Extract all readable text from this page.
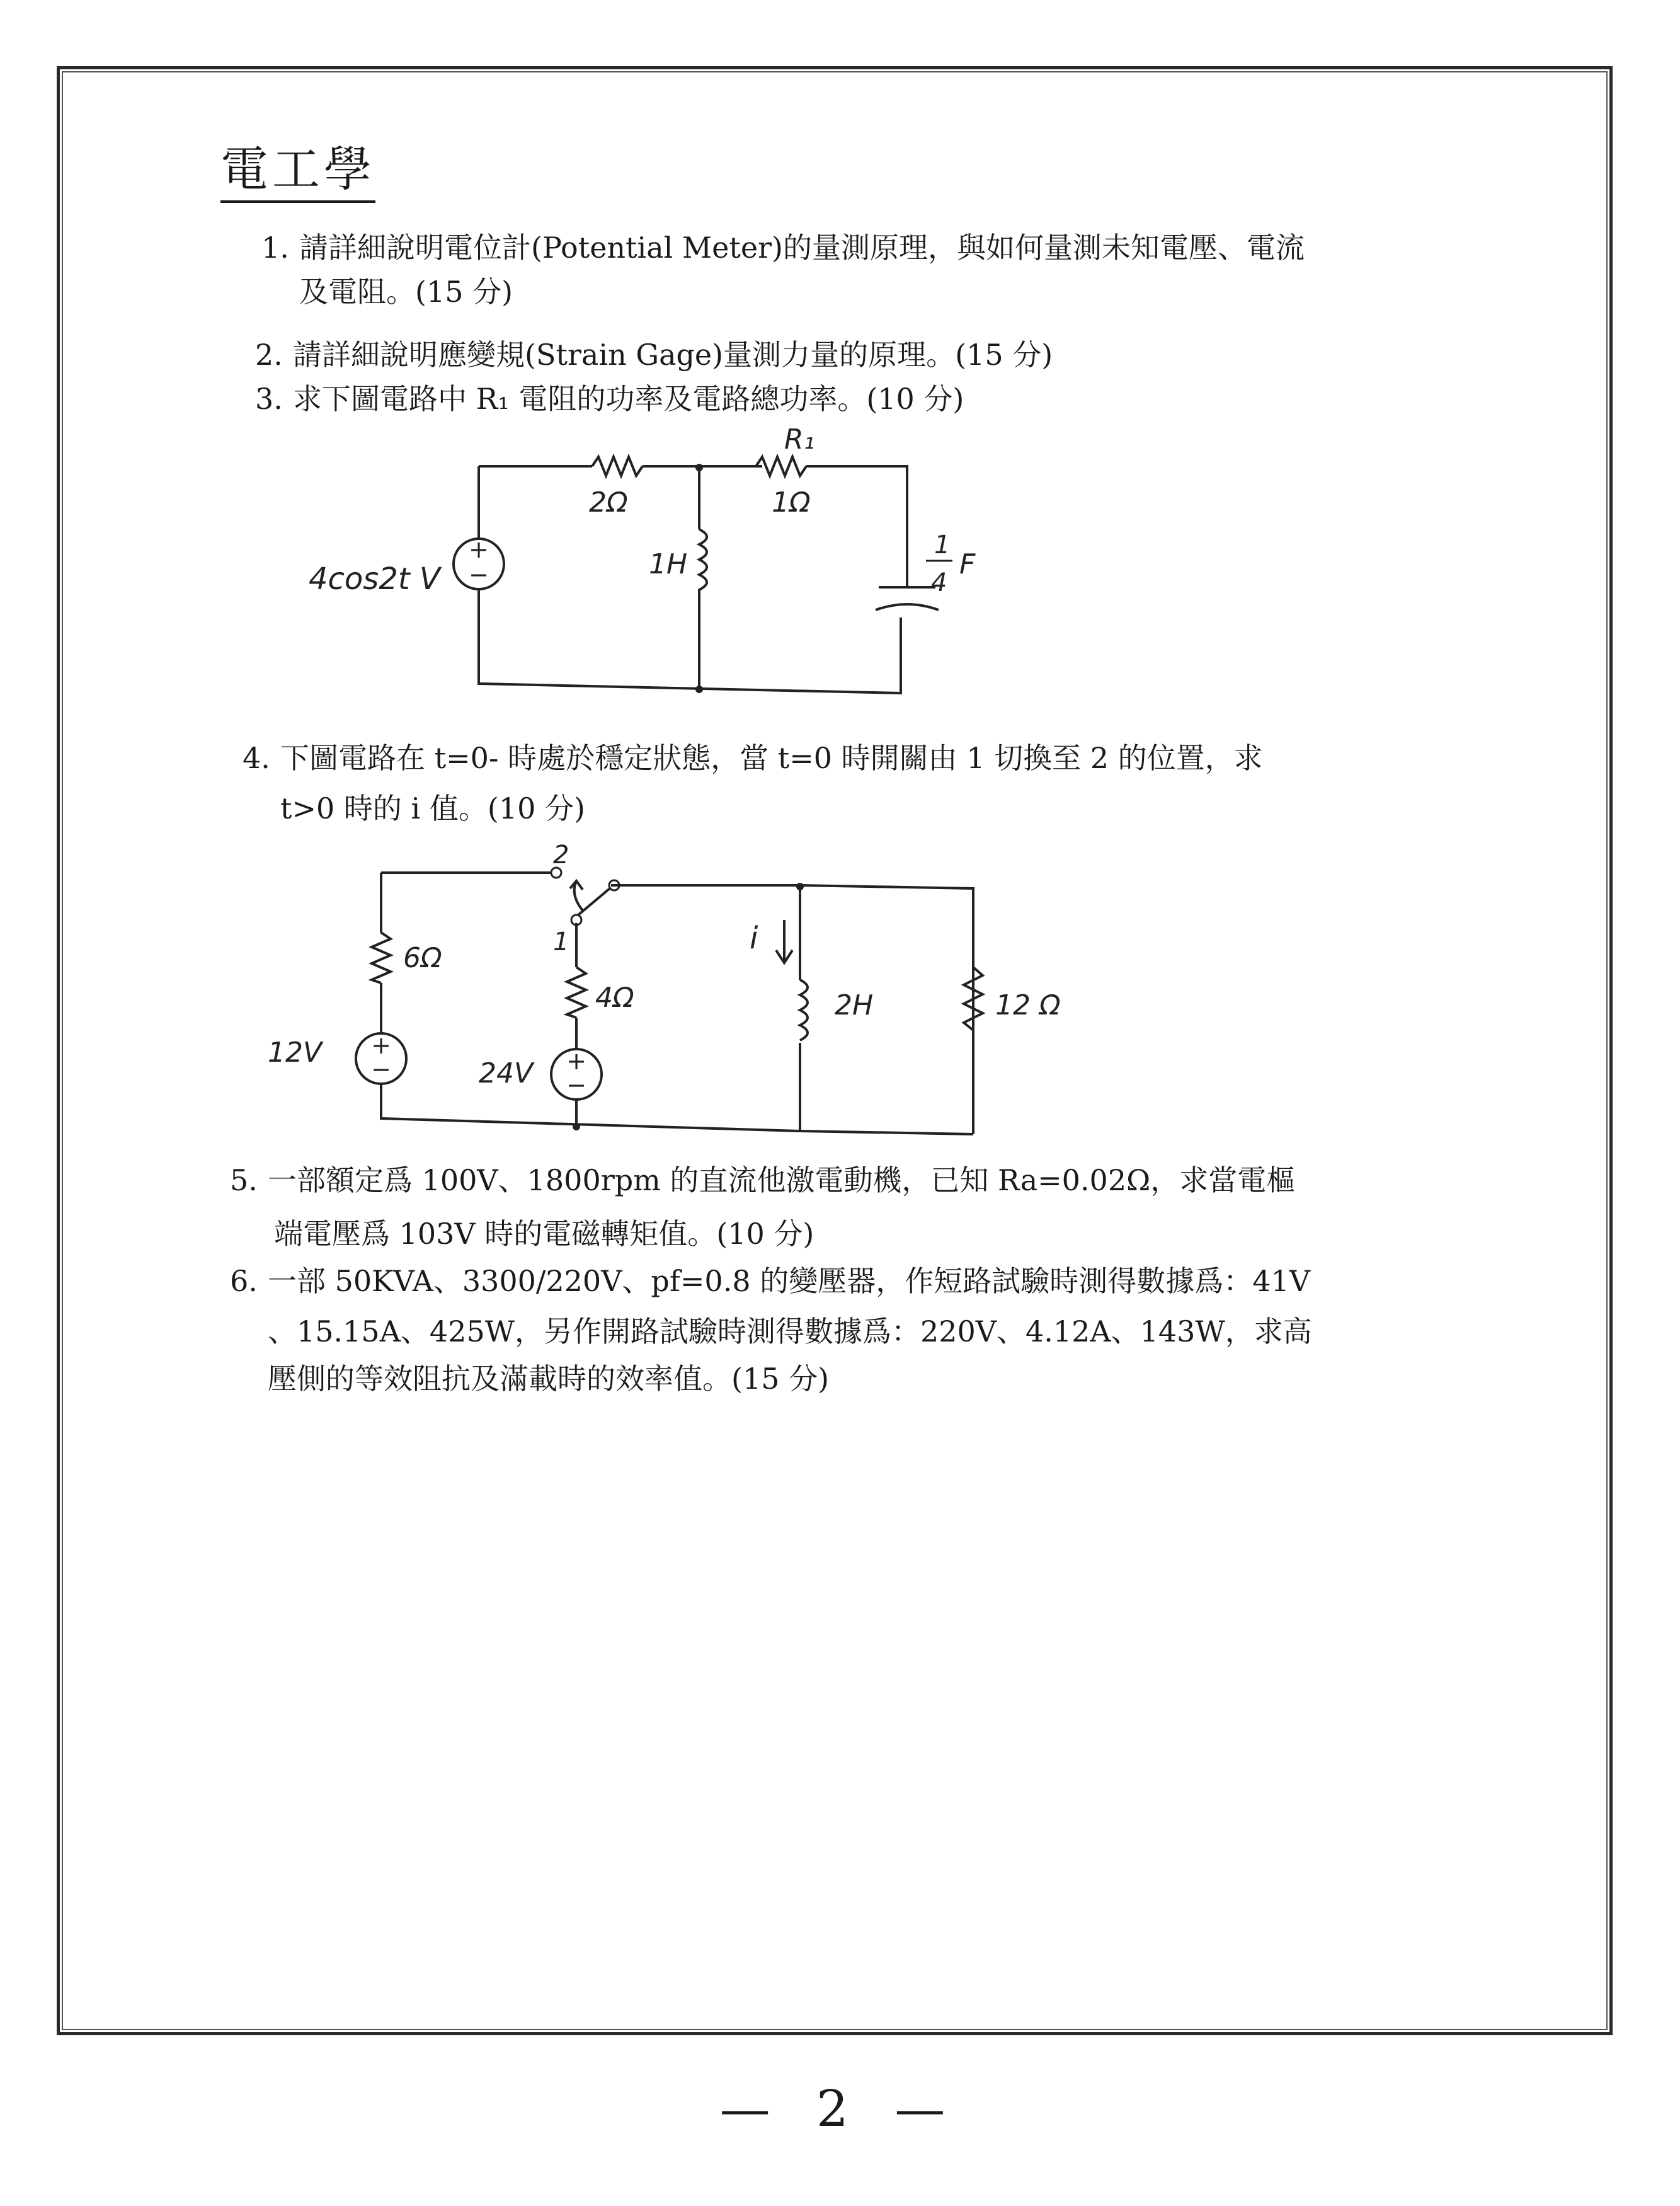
電工學
1. 請詳細說明電位計(Potential Meter)的量測原理，與如何量測未知電壓、電流
及電阻。(15 分)
2. 請詳細說明應變規(Strain Gage)量測力量的原理。(15 分)
3. 求下圖電路中 R₁ 電阻的功率及電路總功率。(10 分)
+
−
4cos2t V
2Ω
R₁
1Ω
1H
1
4
F
4. 下圖電路在 t=0- 時處於穩定狀態，當 t=0 時開關由 1 切換至 2 的位置，求
t>0 時的 i 值。(10 分)
+
−	+
−
2
1
6Ω
12V
4Ω
24V
i
2H	12 Ω
5. 一部額定爲 100V、1800rpm 的直流他激電動機，已知 Ra=0.02Ω，求當電樞
端電壓爲 103V 時的電磁轉矩值。(10 分)
6. 一部 50KVA、3300/220V、pf=0.8 的變壓器，作短路試驗時測得數據爲：41V
、15.15A、425W，另作開路試驗時測得數據爲：220V、4.12A、143W，求高
壓側的等效阻抗及滿載時的效率值。(15 分)
— 2 —
